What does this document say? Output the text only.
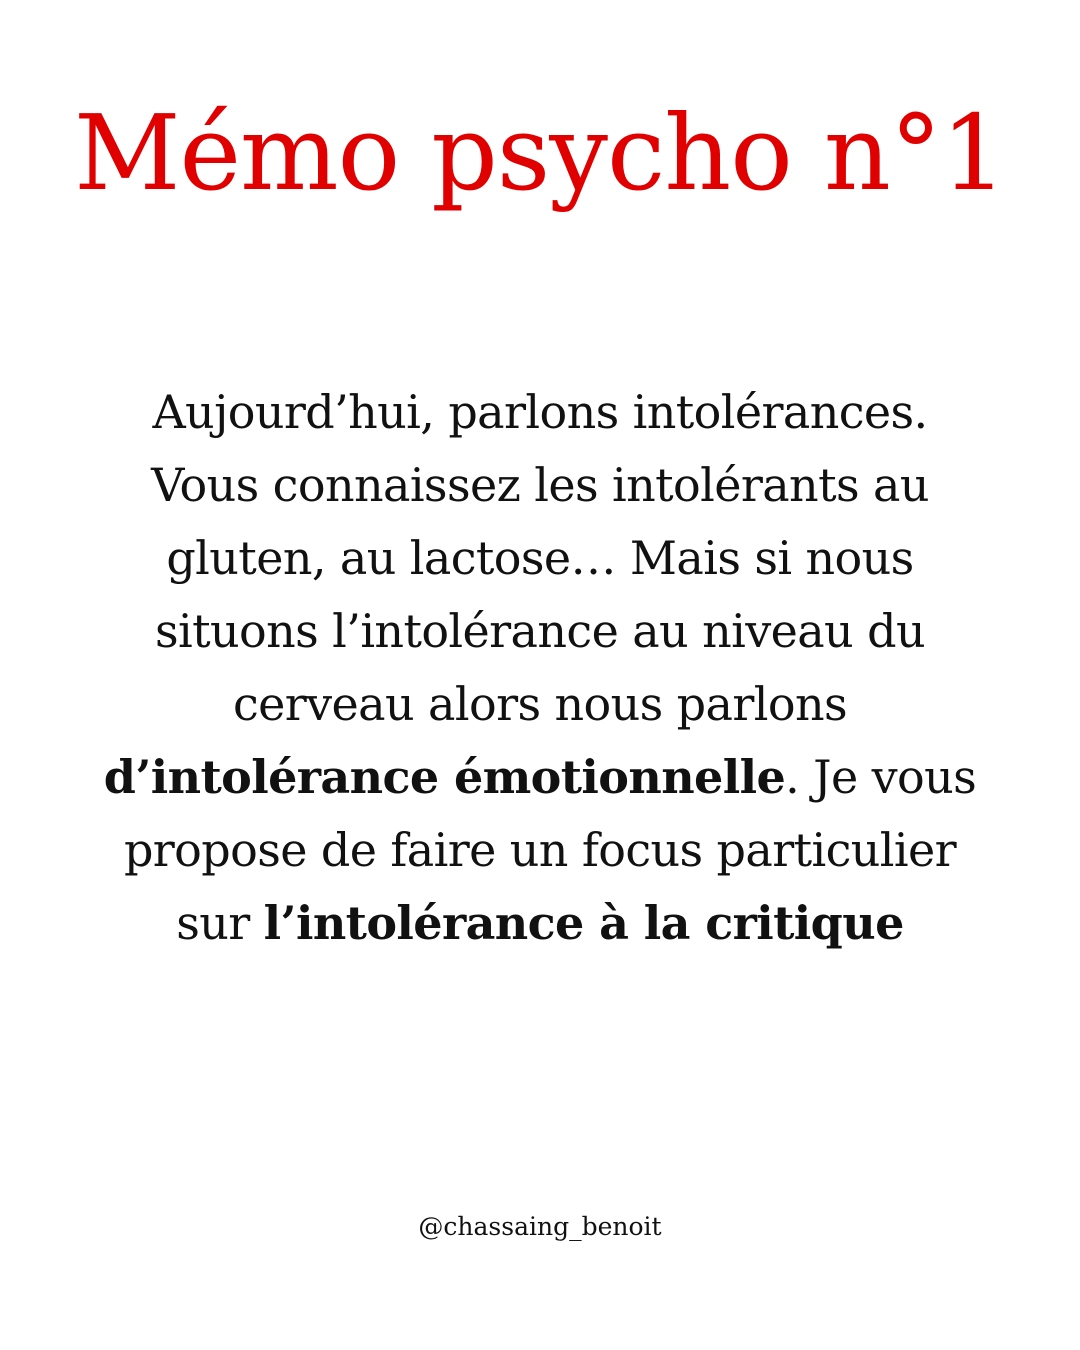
Mémo psycho n°1

Aujourd’hui, parlons intolérances.
Vous connaissez les intolérants au
gluten, au lactose… Mais si nous
situons l’intolérance au niveau du
cerveau alors nous parlons
d’intolérance émotionnelle. Je vous
propose de faire un focus particulier
sur l’intolérance à la critique

@chassaing_benoit
